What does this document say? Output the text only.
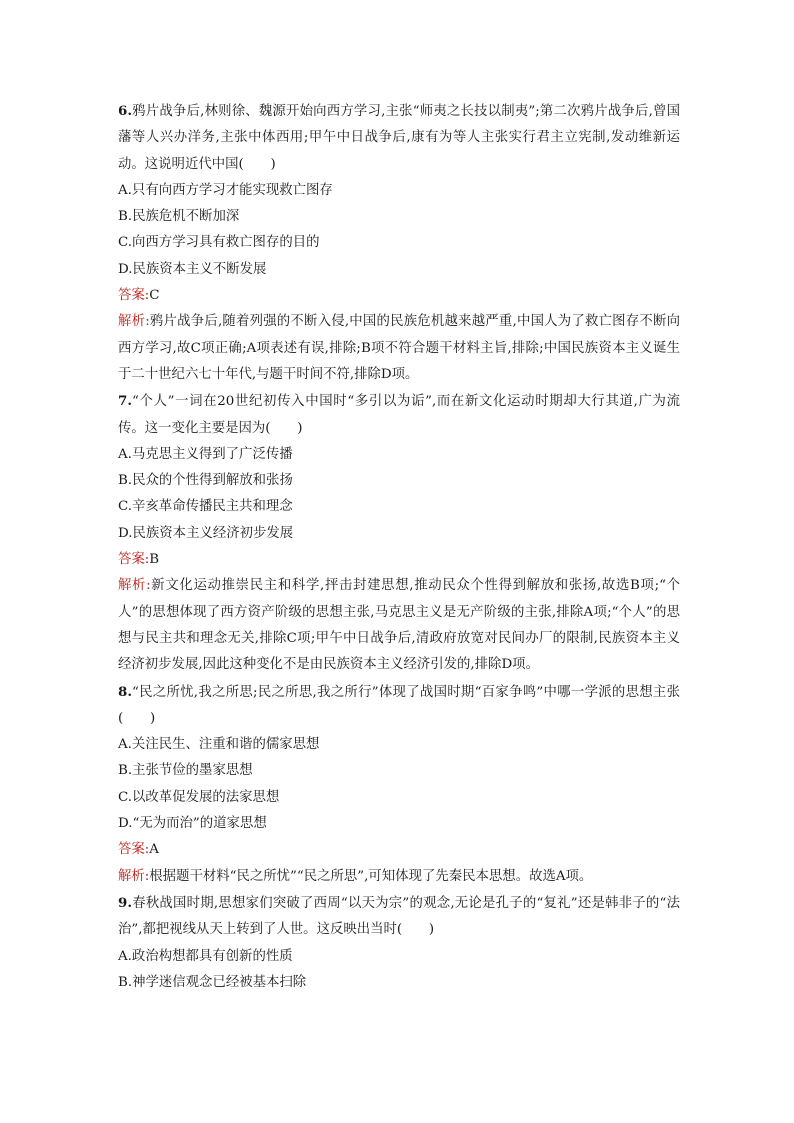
6.鸦片战争后,林则徐、魏源开始向西方学习,主张“师夷之长技以制夷”;第二次鸦片战争后,曾国藩等人兴办洋务,主张中体西用;甲午中日战争后,康有为等人主张实行君主立宪制,发动维新运动。这说明近代中国(　　)

A.只有向西方学习才能实现救亡图存

B.民族危机不断加深

C.向西方学习具有救亡图存的目的

D.民族资本主义不断发展

答案:C

解析:鸦片战争后,随着列强的不断入侵,中国的民族危机越来越严重,中国人为了救亡图存不断向西方学习,故C项正确;A项表述有误,排除;B项不符合题干材料主旨,排除;中国民族资本主义诞生于二十世纪六七十年代,与题干时间不符,排除D项。

7.“个人”一词在20世纪初传入中国时“多引以为诟”,而在新文化运动时期却大行其道,广为流传。这一变化主要是因为(　　)

A.马克思主义得到了广泛传播

B.民众的个性得到解放和张扬

C.辛亥革命传播民主共和理念

D.民族资本主义经济初步发展

答案:B

解析:新文化运动推崇民主和科学,抨击封建思想,推动民众个性得到解放和张扬,故选B项;“个人”的思想体现了西方资产阶级的思想主张,马克思主义是无产阶级的主张,排除A项;“个人”的思想与民主共和理念无关,排除C项;甲午中日战争后,清政府放宽对民间办厂的限制,民族资本主义经济初步发展,因此这种变化不是由民族资本主义经济引发的,排除D项。

8.“民之所忧,我之所思;民之所思,我之所行”体现了战国时期“百家争鸣”中哪一学派的思想主张(　　)

A.关注民生、注重和谐的儒家思想

B.主张节俭的墨家思想

C.以改革促发展的法家思想

D.“无为而治”的道家思想

答案:A

解析:根据题干材料“民之所忧”“民之所思”,可知体现了先秦民本思想。故选A项。

9.春秋战国时期,思想家们突破了西周“以天为宗”的观念,无论是孔子的“复礼”还是韩非子的“法治”,都把视线从天上转到了人世。这反映出当时(　　)

A.政治构想都具有创新的性质

B.神学迷信观念已经被基本扫除
